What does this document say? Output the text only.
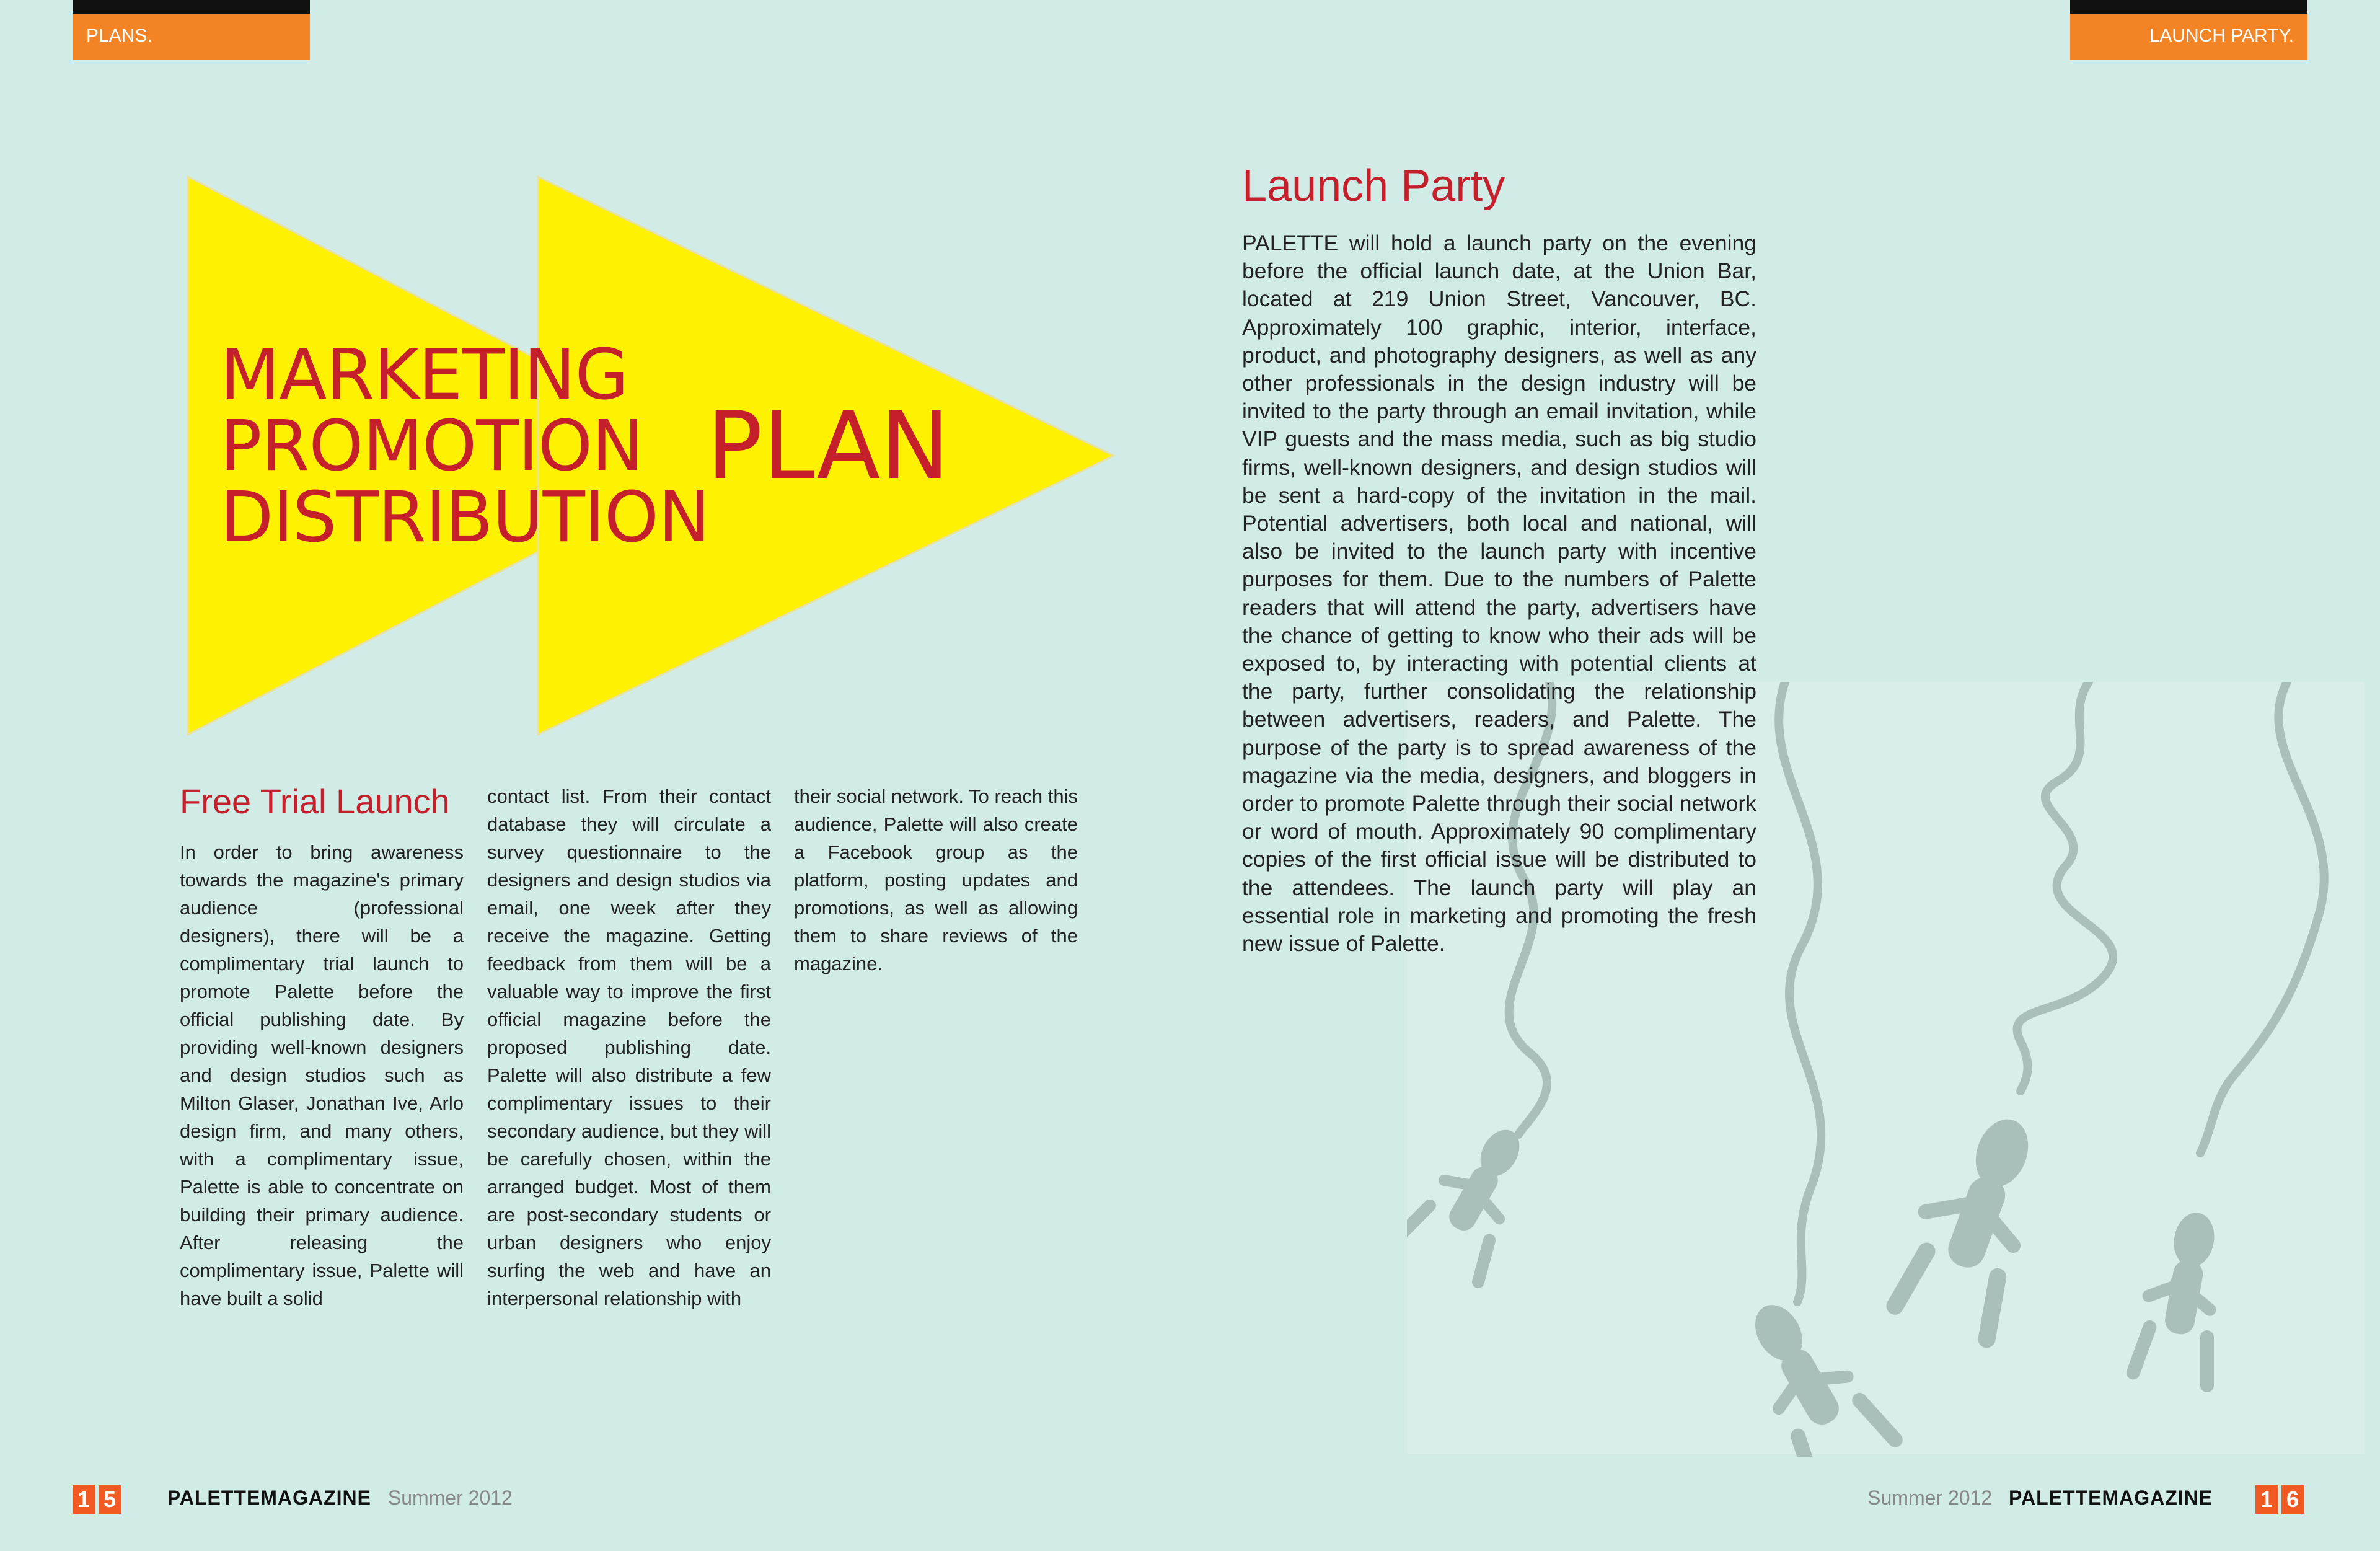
PLANS.	LAUNCH PARTY.
MARKETING
PROMOTION
DISTRIBUTION
PLAN
Free Trial Launch
In order to bring awareness towards the magazine's primary audience (professional designers), there will be a complimentary trial launch to promote Palette before the official publishing date. By providing well-known designers and design studios such as Milton Glaser, Jonathan Ive, Arlo design firm, and many others, with a complimentary issue, Palette is able to concentrate on building their primary audience. After releasing the complimentary issue, Palette will have built a solid
contact list. From their contact database they will circulate a survey questionnaire to the designers and design studios via email, one week after they receive the magazine. Getting feedback from them will be a valuable way to improve the first official magazine before the proposed publishing date. Palette will also distribute a few complimentary issues to their secondary audience, but they will be carefully chosen, within the arranged budget. Most of them are post-secondary students or urban designers who enjoy surfing the web and have an interpersonal relationship with
their social network. To reach this audience, Palette will also create a Facebook group as the platform, posting updates and promotions, as well as allowing them to share reviews of the magazine.
Launch Party
PALETTE will hold a launch party on the evening before the official launch date, at the Union Bar, located at 219 Union Street, Vancouver, BC. Approximately 100 graphic, interior, interface, product, and photography designers, as well as any other professionals in the design industry will be invited to the party through an email invitation, while VIP guests and the mass media, such as big studio firms, well-known designers, and design studios will be sent a hard-copy of the invitation in the mail. Potential advertisers, both local and national, will also be invited to the launch party with incentive purposes for them. Due to the numbers of Palette readers that will attend the party, advertisers have the chance of getting to know who their ads will be exposed to, by interacting with potential clients at the party, further consolidating the relationship between advertisers, readers, and Palette. The purpose of the party is to spread awareness of the magazine via the media, designers, and bloggers in order to promote Palette through their social network or word of mouth. Approximately 90 complimentary copies of the first official issue will be distributed to the attendees. The launch party will play an essential role in marketing and promoting the fresh new issue of Palette.
1 5	PALETTEMAGAZINE Summer 2012	Summer 2012 PALETTEMAGAZINE 1 6
